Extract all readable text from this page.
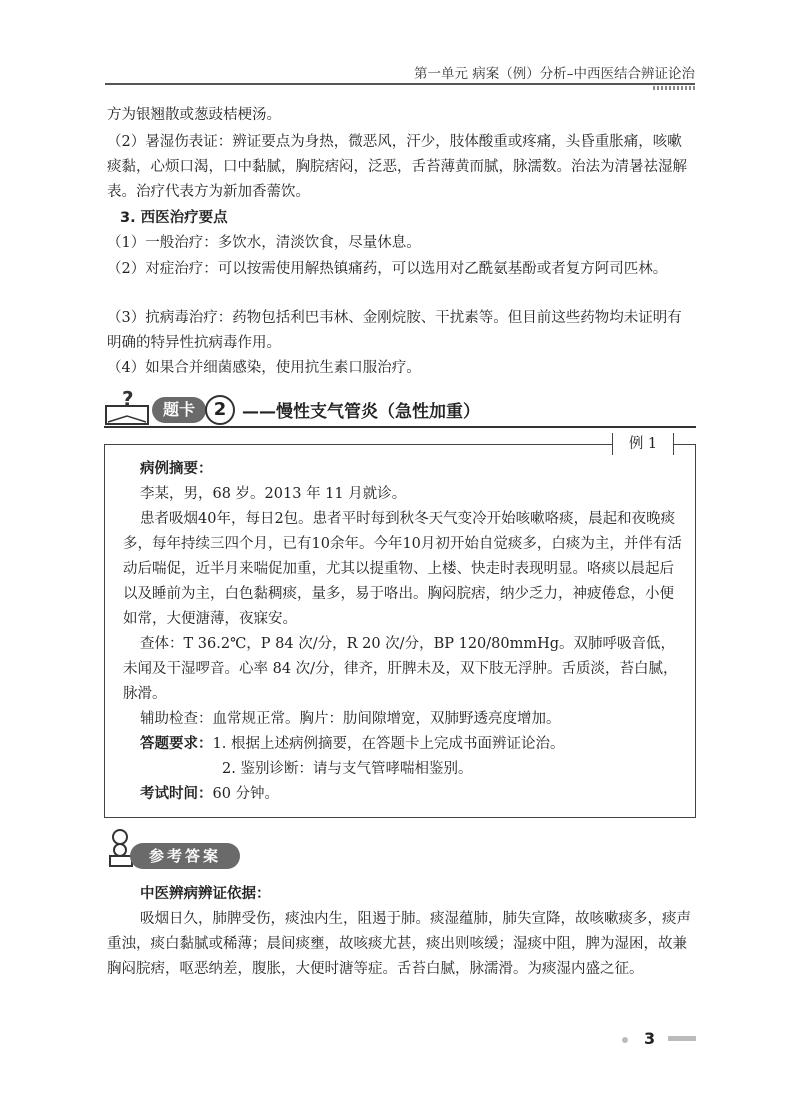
第一单元 病案（例）分析–中西医结合辨证论治

方为银翘散或葱豉桔梗汤。

（2）暑湿伤表证：辨证要点为身热，微恶风，汗少，肢体酸重或疼痛，头昏重胀痛，咳嗽痰黏，心烦口渴，口中黏腻，胸脘痞闷，泛恶，舌苔薄黄而腻，脉濡数。治法为清暑祛湿解表。治疗代表方为新加香薷饮。

3. 西医治疗要点

（1）一般治疗：多饮水，清淡饮食，尽量休息。

（2）对症治疗：可以按需使用解热镇痛药，可以选用对乙酰氨基酚或者复方阿司匹林。

（3）抗病毒治疗：药物包括利巴韦林、金刚烷胺、干扰素等。但目前这些药物均未证明有明确的特异性抗病毒作用。

（4）如果合并细菌感染，使用抗生素口服治疗。

?	题卡	2 ——慢性支气管炎（急性加重）
例 1

病例摘要：

李某，男，68 岁。2013 年 11 月就诊。

患者吸烟40年，每日2包。患者平时每到秋冬天气变冷开始咳嗽咯痰，晨起和夜晚痰多，每年持续三四个月，已有10余年。今年10月初开始自觉痰多，白痰为主，并伴有活动后喘促，近半月来喘促加重，尤其以提重物、上楼、快走时表现明显。咯痰以晨起后以及睡前为主，白色黏稠痰，量多，易于咯出。胸闷脘痞，纳少乏力，神疲倦怠，小便如常，大便溏薄，夜寐安。

查体：T 36.2℃，P 84 次/分，R 20 次/分，BP 120/80mmHg。双肺呼吸音低，未闻及干湿啰音。心率 84 次/分，律齐，肝脾未及，双下肢无浮肿。舌质淡，苔白腻，脉滑。

辅助检查：血常规正常。胸片：肋间隙增宽，双肺野透亮度增加。

答题要求：1. 根据上述病例摘要，在答题卡上完成书面辨证论治。

2. 鉴别诊断：请与支气管哮喘相鉴别。

考试时间：60 分钟。

参考答案

中医辨病辨证依据：

吸烟日久，肺脾受伤，痰浊内生，阻遏于肺。痰湿蕴肺，肺失宣降，故咳嗽痰多，痰声重浊，痰白黏腻或稀薄；晨间痰壅，故咳痰尤甚，痰出则咳缓；湿痰中阻，脾为湿困，故兼胸闷脘痞，呕恶纳差，腹胀，大便时溏等症。舌苔白腻，脉濡滑。为痰湿内盛之征。

3
